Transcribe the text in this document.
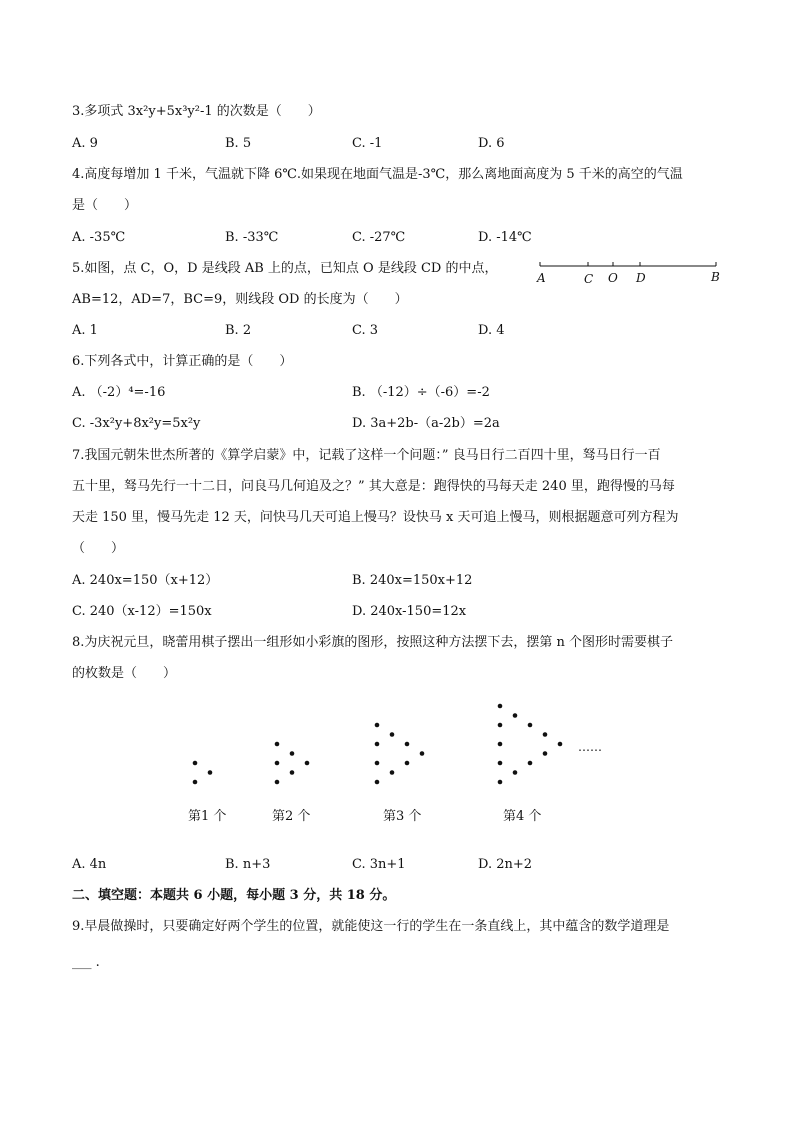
3.多项式 3x²y+5x³y²-1 的次数是（　　）
A. 9	B. 5	C. -1	D. 6
4.高度每增加 1 千米，气温就下降 6℃.如果现在地面气温是-3℃，那么离地面高度为 5 千米的高空的气温
是（　　）
A. -35℃	B. -33℃	C. -27℃	D. -14℃
5.如图，点 C，O，D 是线段 AB 上的点，已知点 O 是线段 CD 的中点，
AB=12，AD=7，BC=9，则线段 OD 的长度为（　　）
A	C O D	B
A. 1	B. 2	C. 3	D. 4
6.下列各式中，计算正确的是（　　）
A. （-2）⁴=-16	B. （-12）÷（-6）=-2
C. -3x²y+8x²y=5x²y	D. 3a+2b-（a-2b）=2a
7.我国元朝朱世杰所著的《算学启蒙》中，记载了这样一个问题：” 良马日行二百四十里，驽马日行一百
五十里，驽马先行一十二日，问良马几何追及之？” 其大意是：跑得快的马每天走 240 里，跑得慢的马每
天走 150 里，慢马先走 12 天，问快马几天可追上慢马？设快马 x 天可追上慢马，则根据题意可列方程为
（　　）
A. 240x=150（x+12）	B. 240x=150x+12
C. 240（x-12）=150x	D. 240x-150=12x
8.为庆祝元旦，晓蕾用棋子摆出一组形如小彩旗的图形，按照这种方法摆下去，摆第 n 个图形时需要棋子
的枚数是（　　）
……
第1 个	第2 个	第3 个	第4 个
A. 4n	B. n+3	C. 3n+1	D. 2n+2
二、填空题：本题共 6 小题，每小题 3 分，共 18 分。
9.早晨做操时，只要确定好两个学生的位置，就能使这一行的学生在一条直线上，其中蕴含的数学道理是
___ .
